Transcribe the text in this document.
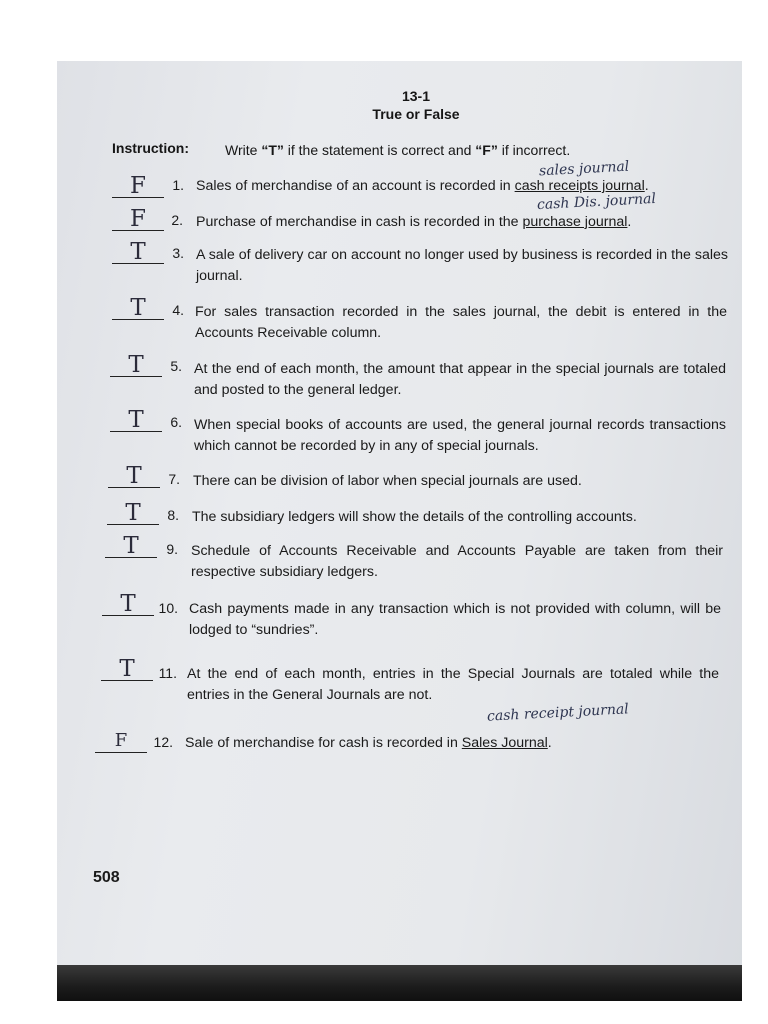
13-1
True or False
Instruction:	Write “T” if the statement is correct and “F” if incorrect.
sales journal
cash Dis. journal
cash receipt journal
F	1. Sales of merchandise of an account is recorded in cash receipts journal.
F	2. Purchase of merchandise in cash is recorded in the purchase journal.
T	3. A sale of delivery car on account no longer used by business is recorded in the sales journal.
T	4. For sales transaction recorded in the sales journal, the debit is entered in the Accounts Receivable column.
T	5. At the end of each month, the amount that appear in the special journals are totaled and posted to the general ledger.
T	6. When special books of accounts are used, the general journal records transactions which cannot be recorded by in any of special journals.
T	7. There can be division of labor when special journals are used.
T	8. The subsidiary ledgers will show the details of the controlling accounts.
T	9. Schedule of Accounts Receivable and Accounts Payable are taken from their respective subsidiary ledgers.
T	10. Cash payments made in any transaction which is not provided with column, will be lodged to “sundries”.
T	11. At the end of each month, entries in the Special Journals are totaled while the entries in the General Journals are not.
F	12. Sale of merchandise for cash is recorded in Sales Journal.
508
